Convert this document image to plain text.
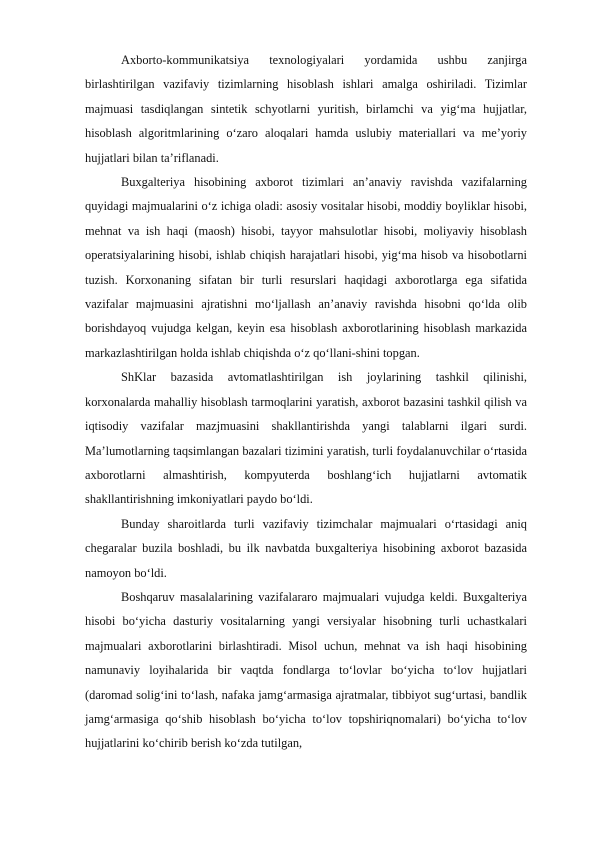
Axborto-kommunikatsiya texnologiyalari yordamida ushbu zanjirga birlashtirilgan vazifaviy tizimlarning hisoblash ishlari amalga oshiriladi. Tizimlar majmuasi tasdiqlangan sintetik schyotlarni yuritish, birlamchi va yig‘ma hujjatlar, hisoblash algoritmlarining o‘zaro aloqalari hamda uslubiy materiallari va me’yoriy hujjatlari bilan ta’riflanadi.

Buxgalteriya hisobining axborot tizimlari an’anaviy ravishda vazifalarning quyidagi majmualarini o‘z ichiga oladi: asosiy vositalar hisobi, moddiy boyliklar hisobi, mehnat va ish haqi (maosh) hisobi, tayyor mahsulotlar hisobi, moliyaviy hisoblash operatsiyalarining hisobi, ishlab chiqish harajatlari hisobi, yig‘ma hisob va hisobotlarni tuzish. Korxonaning sifatan bir turli resurslari haqidagi axborotlarga ega sifatida vazifalar majmuasini ajratishni mo‘ljallash an’anaviy ravishda hisobni qo‘lda olib borishdayoq vujudga kelgan, keyin esa hisoblash axborotlarining hisoblash markazida markazlashtirilgan holda ishlab chiqishda o‘z qo‘llani-shini topgan.

ShKlar bazasida avtomatlashtirilgan ish joylarining tashkil qilinishi, korxonalarda mahalliy hisoblash tarmoqlarini yaratish, axborot bazasini tashkil qilish va iqtisodiy vazifalar mazjmuasini shakllantirishda yangi talablarni ilgari surdi. Ma’lumotlarning taqsimlangan bazalari tizimini yaratish, turli foydalanuvchilar o‘rtasida axborotlarni almashtirish, kompyuterda boshlang‘ich hujjatlarni avtomatik shakllantirishning imkoniyatlari paydo bo‘ldi.

Bunday sharoitlarda turli vazifaviy tizimchalar majmualari o‘rtasidagi aniq chegaralar buzila boshladi, bu ilk navbatda buxgalteriya hisobining axborot bazasida namoyon bo‘ldi.

Boshqaruv masalalarining vazifalararo majmualari vujudga keldi. Buxgalteriya hisobi bo‘yicha dasturiy vositalarning yangi versiyalar hisobning turli uchastkalari majmualari axborotlarini birlashtiradi. Misol uchun, mehnat va ish haqi hisobining namunaviy loyihalarida bir vaqtda fondlarga to‘lovlar bo‘yicha to‘lov hujjatlari (daromad solig‘ini to‘lash, nafaka jamg‘armasiga ajratmalar, tibbiyot sug‘urtasi, bandlik jamg‘armasiga qo‘shib hisoblash bo‘yicha to‘lov topshiriqnomalari) bo‘yicha to‘lov hujjatlarini ko‘chirib berish ko‘zda tutilgan,
